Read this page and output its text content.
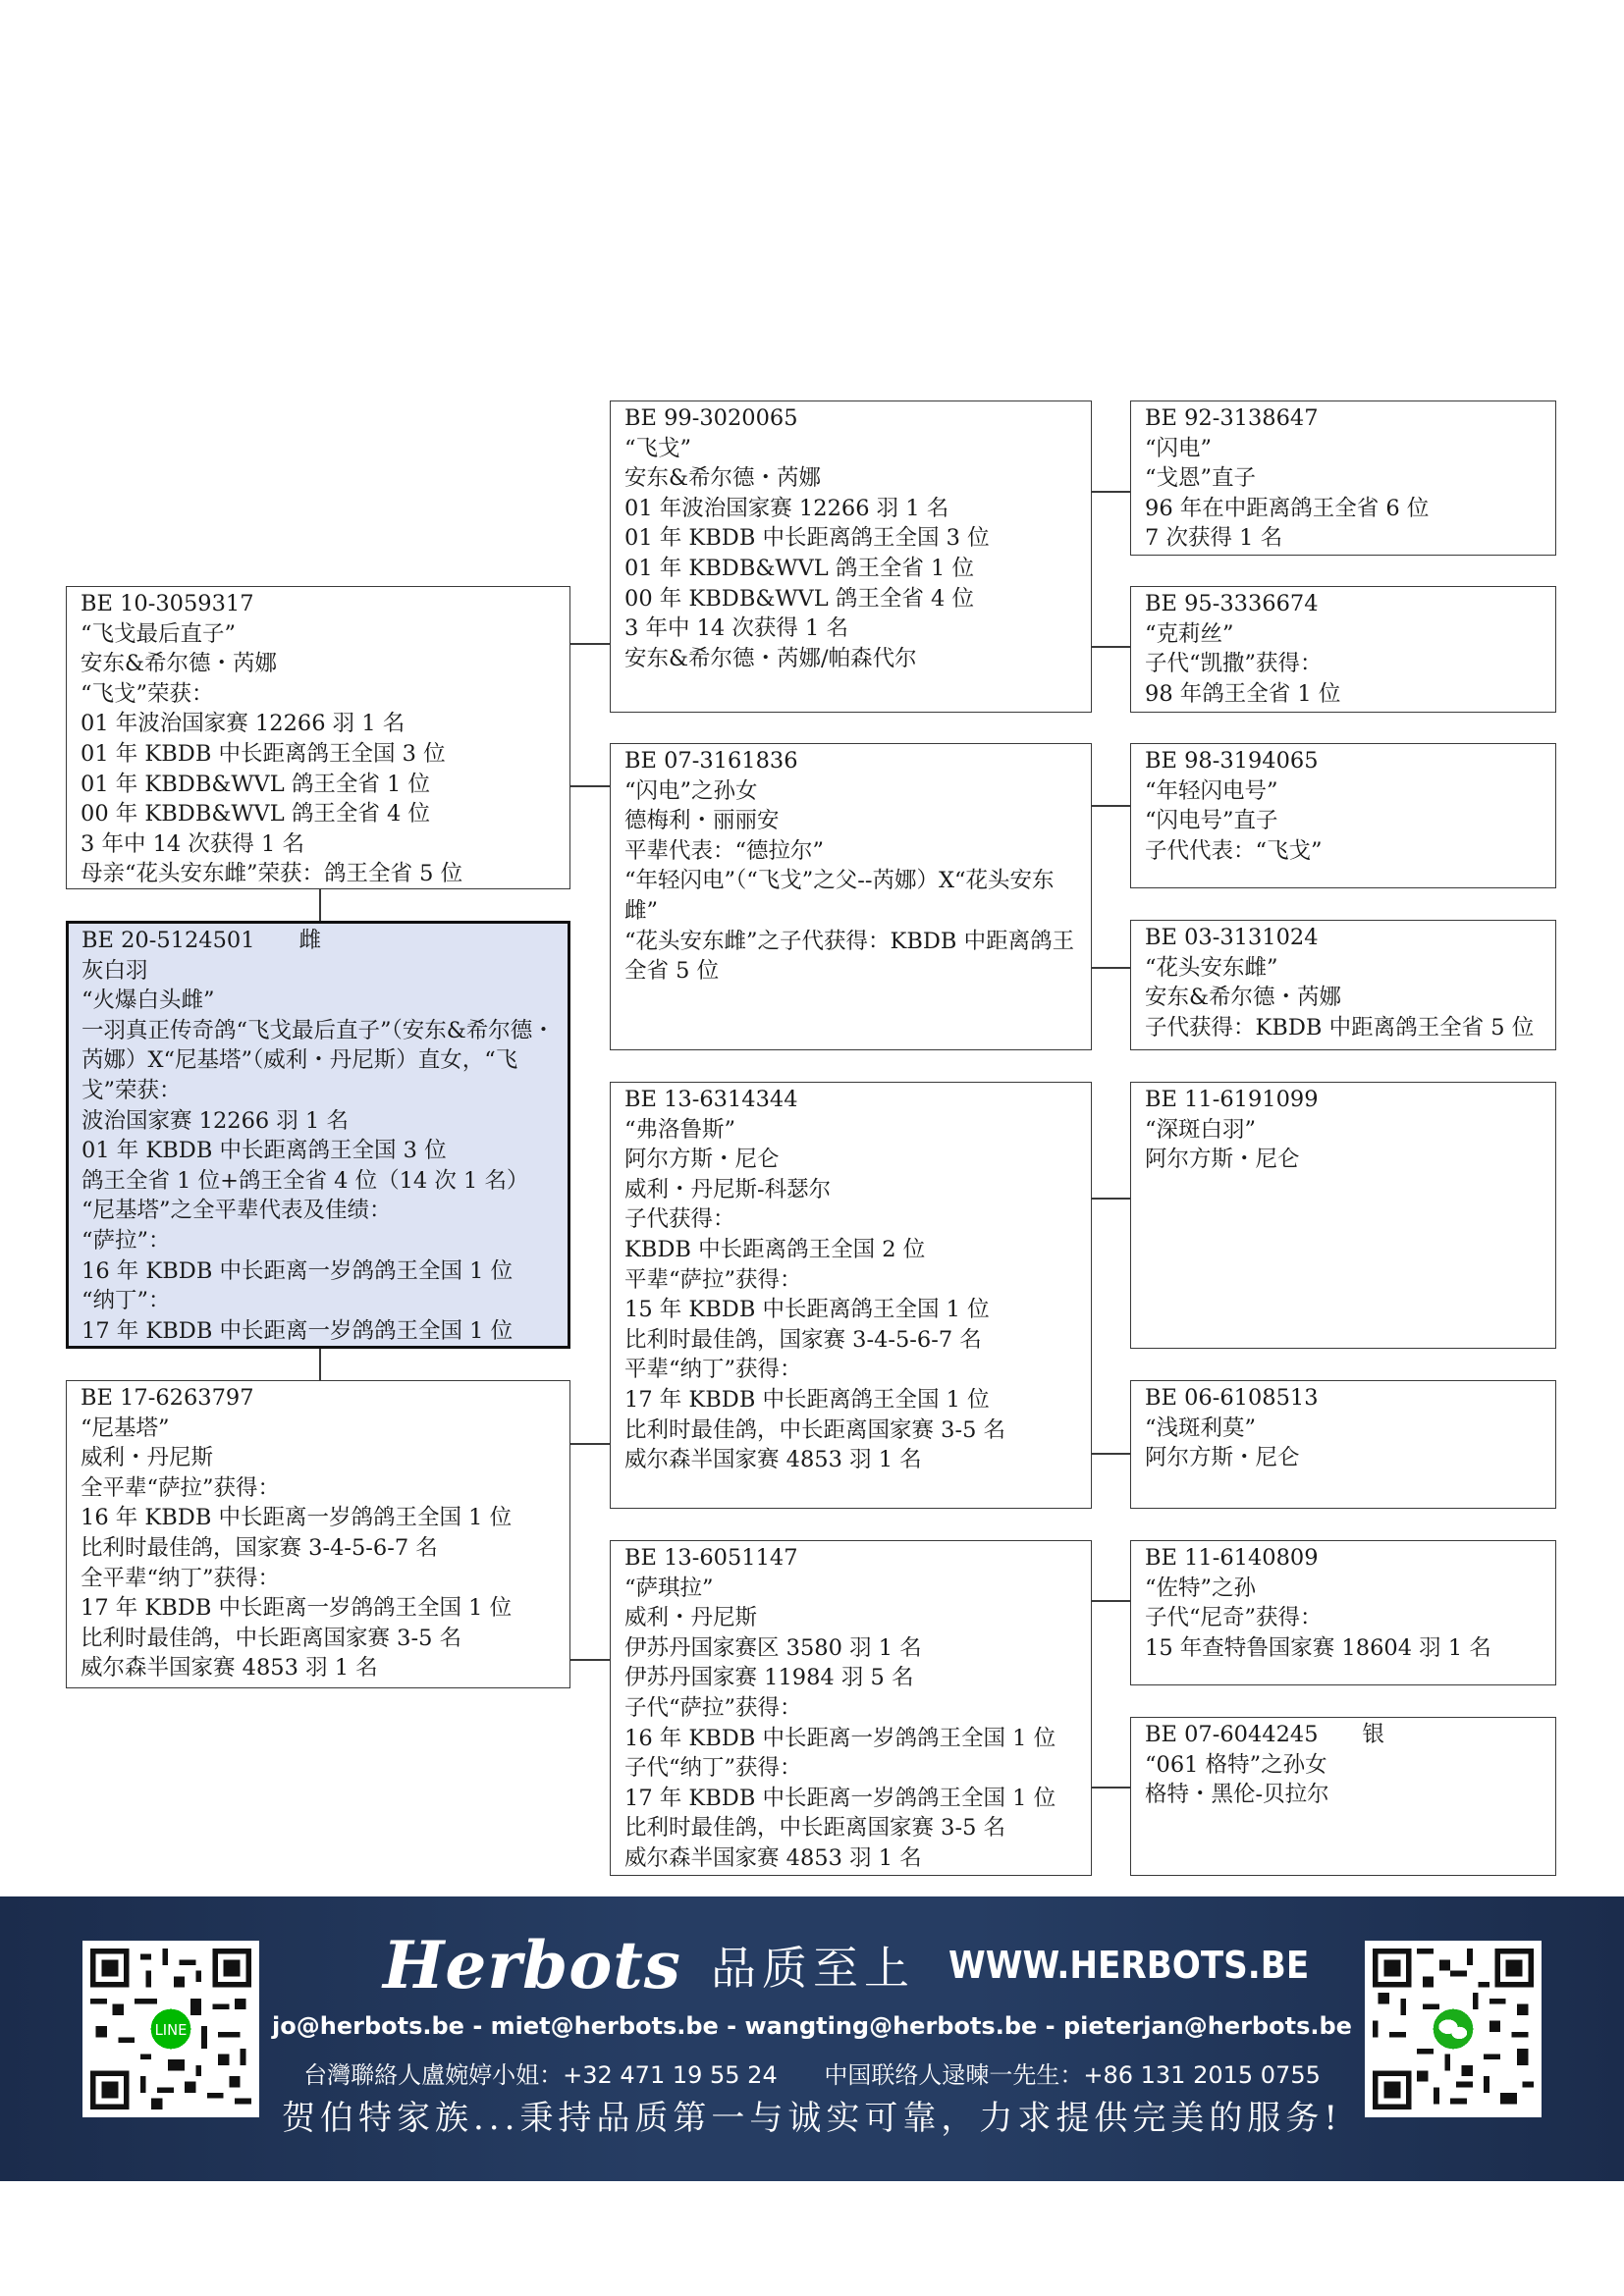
BE 10-3059317
“飞戈最后直子”
安东&希尔德・芮娜
“飞戈”荣获：
01 年波治国家赛 12266 羽 1 名
01 年 KBDB 中长距离鸽王全国 3 位
01 年 KBDB&WVL 鸽王全省 1 位
00 年 KBDB&WVL 鸽王全省 4 位
3 年中 14 次获得 1 名
母亲“花头安东雌”荣获：鸽王全省 5 位
BE 20-5124501　　雌
灰白羽
“火爆白头雌”
一羽真正传奇鸽“飞戈最后直子”（安东&希尔德・芮娜）X“尼基塔”（威利・丹尼斯）直女，“飞戈”荣获：
波治国家赛 12266 羽 1 名
01 年 KBDB 中长距离鸽王全国 3 位
鸽王全省 1 位+鸽王全省 4 位（14 次 1 名）
“尼基塔”之全平辈代表及佳绩：
“萨拉”：
16 年 KBDB 中长距离一岁鸽鸽王全国 1 位
“纳丁”：
17 年 KBDB 中长距离一岁鸽鸽王全国 1 位
BE 17-6263797
“尼基塔”
威利・丹尼斯
全平辈“萨拉”获得：
16 年 KBDB 中长距离一岁鸽鸽王全国 1 位
比利时最佳鸽，国家赛 3-4-5-6-7 名
全平辈“纳丁”获得：
17 年 KBDB 中长距离一岁鸽鸽王全国 1 位
比利时最佳鸽，中长距离国家赛 3-5 名
威尔森半国家赛 4853 羽 1 名
BE 99-3020065
“飞戈”
安东&希尔德・芮娜
01 年波治国家赛 12266 羽 1 名
01 年 KBDB 中长距离鸽王全国 3 位
01 年 KBDB&WVL 鸽王全省 1 位
00 年 KBDB&WVL 鸽王全省 4 位
3 年中 14 次获得 1 名
安东&希尔德・芮娜/帕森代尔
BE 07-3161836
“闪电”之孙女
德梅利・丽丽安
平辈代表：“德拉尔”
“年轻闪电”（“飞戈”之父--芮娜）X“花头安东雌”
“花头安东雌”之子代获得：KBDB 中距离鸽王全省 5 位
BE 13-6314344
“弗洛鲁斯”
阿尔方斯・尼仑
威利・丹尼斯-科瑟尔
子代获得：
KBDB 中长距离鸽王全国 2 位
平辈“萨拉”获得：
15 年 KBDB 中长距离鸽王全国 1 位
比利时最佳鸽，国家赛 3-4-5-6-7 名
平辈“纳丁”获得：
17 年 KBDB 中长距离鸽王全国 1 位
比利时最佳鸽，中长距离国家赛 3-5 名
威尔森半国家赛 4853 羽 1 名
BE 13-6051147
“萨琪拉”
威利・丹尼斯
伊苏丹国家赛区 3580 羽 1 名
伊苏丹国家赛 11984 羽 5 名
子代“萨拉”获得：
16 年 KBDB 中长距离一岁鸽鸽王全国 1 位
子代“纳丁”获得：
17 年 KBDB 中长距离一岁鸽鸽王全国 1 位
比利时最佳鸽，中长距离国家赛 3-5 名
威尔森半国家赛 4853 羽 1 名
BE 92-3138647
“闪电”
“戈恩”直子
96 年在中距离鸽王全省 6 位
7 次获得 1 名
BE 95-3336674
“克莉丝”
子代“凯撒”获得：
98 年鸽王全省 1 位
BE 98-3194065
“年轻闪电号”
“闪电号”直子
子代代表：“飞戈”
BE 03-3131024
“花头安东雌”
安东&希尔德・芮娜
子代获得：KBDB 中距离鸽王全省 5 位
BE 11-6191099
“深斑白羽”
阿尔方斯・尼仑
BE 06-6108513
“浅斑利莫”
阿尔方斯・尼仑
BE 11-6140809
“佐特”之孙
子代“尼奇”获得：
15 年查特鲁国家赛 18604 羽 1 名
BE 07-6044245　　银
“061 格特”之孙女
格特・黑伦-贝拉尔
LINE
Herbots 品质至上 WWW.HERBOTS.BE
jo@herbots.be - miet@herbots.be - wangting@herbots.be - pieterjan@herbots.be
台灣聯絡人盧婉婷小姐：+32 471 19 55 24 中国联络人逯暕一先生：+86 131 2015 0755
贺伯特家族...秉持品质第一与诚实可靠，力求提供完美的服务!
